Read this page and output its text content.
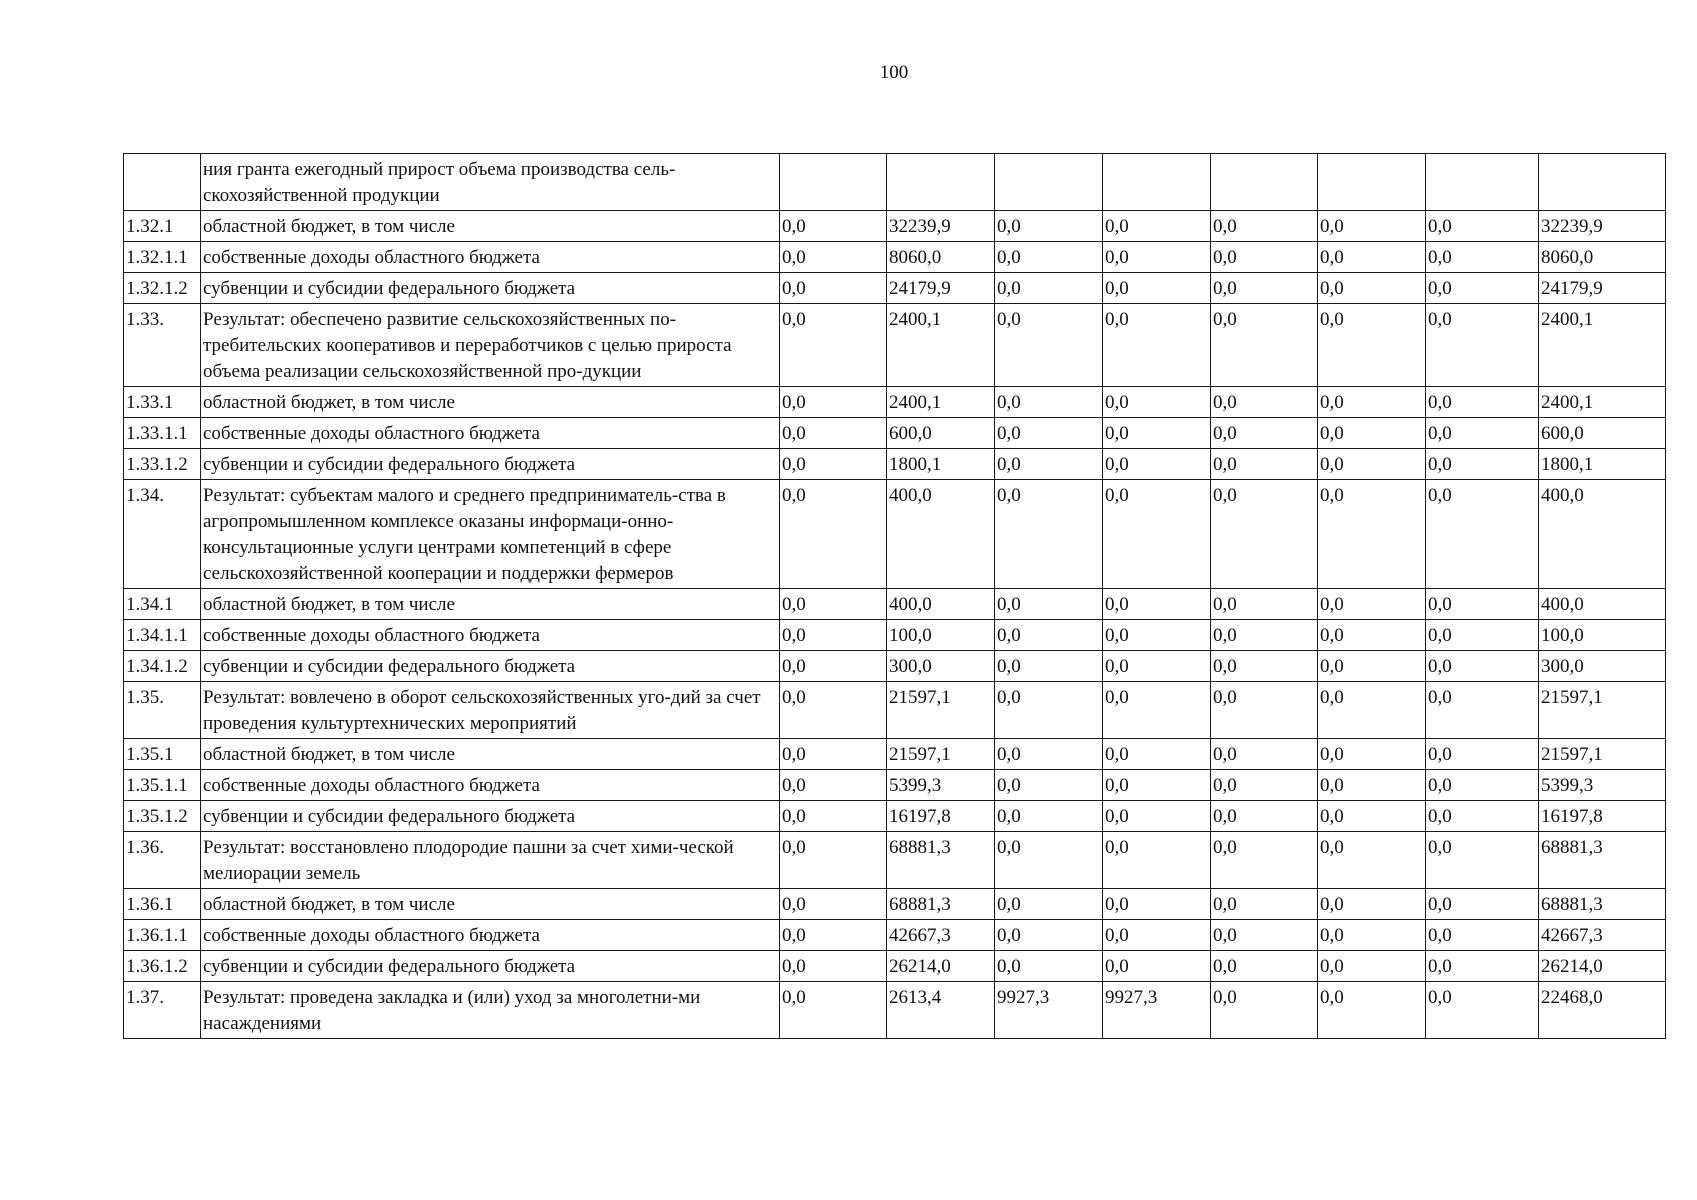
100
	ния гранта ежегодный прирост объема производства сель-скохозяйственной продукции								
1.32.1	областной бюджет, в том числе	0,0	32239,9	0,0	0,0	0,0	0,0	0,0	32239,9
1.32.1.1	собственные доходы областного бюджета	0,0	8060,0	0,0	0,0	0,0	0,0	0,0	8060,0
1.32.1.2	субвенции и субсидии федерального бюджета	0,0	24179,9	0,0	0,0	0,0	0,0	0,0	24179,9
1.33.	Результат: обеспечено развитие сельскохозяйственных по-требительских кооперативов и переработчиков с целью прироста объема реализации сельскохозяйственной про-дукции	0,0	2400,1	0,0	0,0	0,0	0,0	0,0	2400,1
1.33.1	областной бюджет, в том числе	0,0	2400,1	0,0	0,0	0,0	0,0	0,0	2400,1
1.33.1.1	собственные доходы областного бюджета	0,0	600,0	0,0	0,0	0,0	0,0	0,0	600,0
1.33.1.2	субвенции и субсидии федерального бюджета	0,0	1800,1	0,0	0,0	0,0	0,0	0,0	1800,1
1.34.	Результат: субъектам малого и среднего предприниматель-ства в агропромышленном комплексе оказаны информаци-онно-консультационные услуги центрами компетенций в сфере сельскохозяйственной кооперации и поддержки фермеров	0,0	400,0	0,0	0,0	0,0	0,0	0,0	400,0
1.34.1	областной бюджет, в том числе	0,0	400,0	0,0	0,0	0,0	0,0	0,0	400,0
1.34.1.1	собственные доходы областного бюджета	0,0	100,0	0,0	0,0	0,0	0,0	0,0	100,0
1.34.1.2	субвенции и субсидии федерального бюджета	0,0	300,0	0,0	0,0	0,0	0,0	0,0	300,0
1.35.	Результат: вовлечено в оборот сельскохозяйственных уго-дий за счет проведения культуртехнических мероприятий	0,0	21597,1	0,0	0,0	0,0	0,0	0,0	21597,1
1.35.1	областной бюджет, в том числе	0,0	21597,1	0,0	0,0	0,0	0,0	0,0	21597,1
1.35.1.1	собственные доходы областного бюджета	0,0	5399,3	0,0	0,0	0,0	0,0	0,0	5399,3
1.35.1.2	субвенции и субсидии федерального бюджета	0,0	16197,8	0,0	0,0	0,0	0,0	0,0	16197,8
1.36.	Результат: восстановлено плодородие пашни за счет хими-ческой мелиорации земель	0,0	68881,3	0,0	0,0	0,0	0,0	0,0	68881,3
1.36.1	областной бюджет, в том числе	0,0	68881,3	0,0	0,0	0,0	0,0	0,0	68881,3
1.36.1.1	собственные доходы областного бюджета	0,0	42667,3	0,0	0,0	0,0	0,0	0,0	42667,3
1.36.1.2	субвенции и субсидии федерального бюджета	0,0	26214,0	0,0	0,0	0,0	0,0	0,0	26214,0
1.37.	Результат: проведена закладка и (или) уход за многолетни-ми насаждениями	0,0	2613,4	9927,3	9927,3	0,0	0,0	0,0	22468,0
